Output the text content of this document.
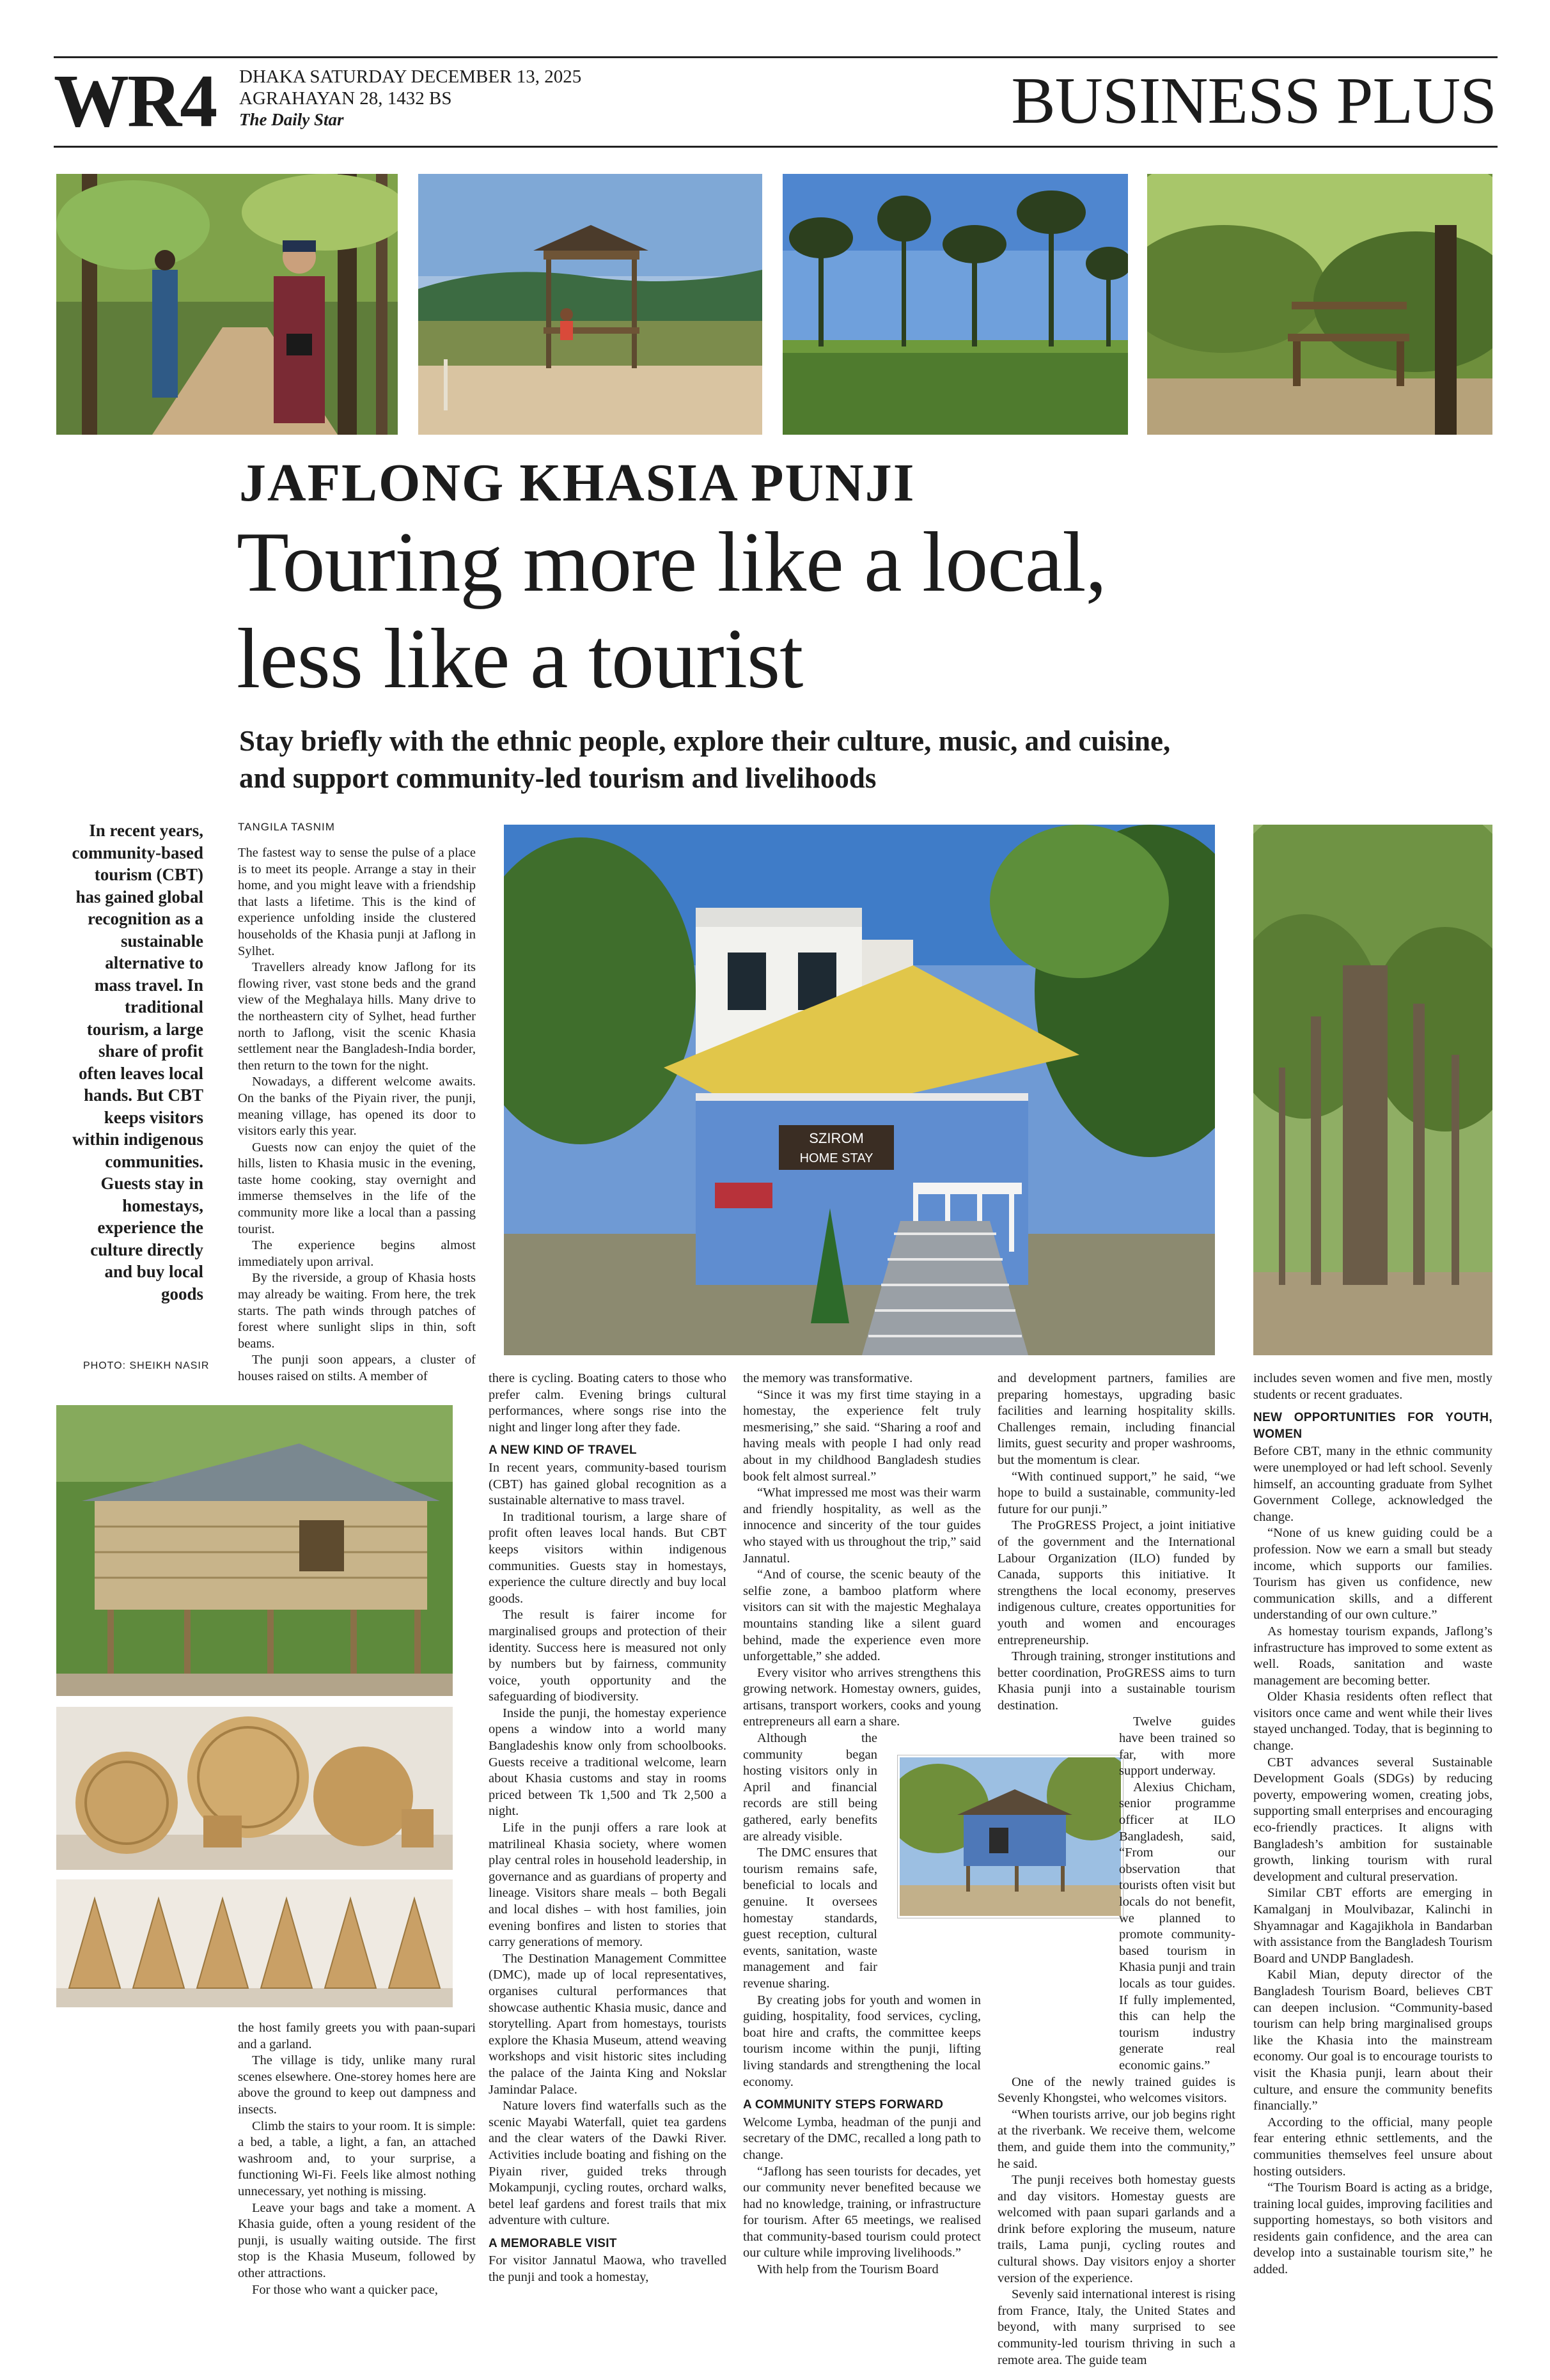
WR4 DHAKA SATURDAY DECEMBER 13, 2025
AGRAHAYAN 28, 1432 BS
The Daily Star	BUSINESS PLUS
JAFLONG KHASIA PUNJI
Touring more like a local,
less like a tourist
Stay briefly with the ethnic people, explore their culture, music, and cuisine,
and support community-led tourism and livelihoods
In recent years, community-based tourism (CBT) has gained global recognition as a sustainable alternative to mass travel. In traditional tourism, a large share of profit often leaves local hands. But CBT keeps visitors within indigenous communities. Guests stay in homestays, experience the culture directly and buy local goods
PHOTO: SHEIKH NASIR
TANGILA TASNIM

The fastest way to sense the pulse of a place is to meet its people. Arrange a stay in their home, and you might leave with a friendship that lasts a lifetime. This is the kind of experience unfolding inside the clustered households of the Khasia punji at Jaflong in Sylhet.

Travellers already know Jaflong for its flowing river, vast stone beds and the grand view of the Meghalaya hills. Many drive to the northeastern city of Sylhet, head further north to Jaflong, visit the scenic Khasia settlement near the Bangladesh-India border, then return to the town for the night.

Nowadays, a different welcome awaits. On the banks of the Piyain river, the punji, meaning village, has opened its door to visitors early this year.

Guests now can enjoy the quiet of the hills, listen to Khasia music in the evening, taste home cooking, stay overnight and immerse themselves in the life of the community more like a local than a passing tourist.

The experience begins almost immediately upon arrival.

By the riverside, a group of Khasia hosts may already be waiting. From here, the trek starts. The path winds through patches of forest where sunlight slips in thin, soft beams.

The punji soon appears, a cluster of houses raised on stilts. A member of

SZIROM
HOME STAY

the host family greets you with paan-supari and a garland.

The village is tidy, unlike many rural scenes elsewhere. One-storey homes here are above the ground to keep out dampness and insects.

Climb the stairs to your room. It is simple: a bed, a table, a light, a fan, an attached washroom and, to your surprise, a functioning Wi-Fi. Feels like almost nothing unnecessary, yet nothing is missing.

Leave your bags and take a moment. A Khasia guide, often a young resident of the punji, is usually waiting outside. The first stop is the Khasia Museum, followed by other attractions.

For those who want a quicker pace,

there is cycling. Boating caters to those who prefer calm. Evening brings cultural performances, where songs rise into the night and linger long after they fade.

A NEW KIND OF TRAVEL

In recent years, community-based tourism (CBT) has gained global recognition as a sustainable alternative to mass travel.

In traditional tourism, a large share of profit often leaves local hands. But CBT keeps visitors within indigenous communities. Guests stay in homestays, experience the culture directly and buy local goods.

The result is fairer income for marginalised groups and protection of their identity. Success here is measured not only by numbers but by fairness, community voice, youth opportunity and the safeguarding of biodiversity.

Inside the punji, the homestay experience opens a window into a world many Bangladeshis know only from schoolbooks. Guests receive a traditional welcome, learn about Khasia customs and stay in rooms priced between Tk 1,500 and Tk 2,500 a night.

Life in the punji offers a rare look at matrilineal Khasia society, where women play central roles in household leadership, in governance and as guardians of property and lineage. Visitors share meals – both Begali and local dishes – with host families, join evening bonfires and listen to stories that carry generations of memory.

The Destination Management Committee (DMC), made up of local representatives, organises cultural performances that showcase authentic Khasia music, dance and storytelling. Apart from homestays, tourists explore the Khasia Museum, attend weaving workshops and visit historic sites including the palace of the Jainta King and Nokslar Jamindar Palace.

Nature lovers find waterfalls such as the scenic Mayabi Waterfall, quiet tea gardens and the clear waters of the Dawki River. Activities include boating and fishing on the Piyain river, guided treks through Mokampunji, cycling routes, orchard walks, betel leaf gardens and forest trails that mix adventure with culture.

A MEMORABLE VISIT

For visitor Jannatul Maowa, who travelled the punji and took a homestay,

the memory was transformative.

“Since it was my first time staying in a homestay, the experience felt truly mesmerising,” she said. “Sharing a roof and having meals with people I had only read about in my childhood Bangladesh studies book felt almost surreal.”

“What impressed me most was their warm and friendly hospitality, as well as the innocence and sincerity of the tour guides who stayed with us throughout the trip,” said Jannatul.

“And of course, the scenic beauty of the selfie zone, a bamboo platform where visitors can sit with the majestic Meghalaya mountains standing like a silent guard behind, made the experience even more unforgettable,” she added.

Every visitor who arrives strengthens this growing network. Homestay owners, guides, artisans, transport workers, cooks and young entrepreneurs all earn a share.

Although the community began hosting visitors only in April and financial records are still being gathered, early benefits are already visible.

The DMC ensures that tourism remains safe, beneficial to locals and genuine. It oversees homestay standards, guest reception, cultural events, sanitation, waste management and fair revenue sharing.

By creating jobs for youth and women in guiding, hospitality, food services, cycling, boat hire and crafts, the committee keeps tourism income within the punji, lifting living standards and strengthening the local economy.

A COMMUNITY STEPS FORWARD

Welcome Lymba, headman of the punji and secretary of the DMC, recalled a long path to change.

“Jaflong has seen tourists for decades, yet our community never benefited because we had no knowledge, training, or infrastructure for tourism. After 65 meetings, we realised that community-based tourism could protect our culture while improving livelihoods.”

With help from the Tourism Board

and development partners, families are preparing homestays, upgrading basic facilities and learning hospitality skills. Challenges remain, including financial limits, guest security and proper washrooms, but the momentum is clear.

“With continued support,” he said, “we hope to build a sustainable, community-led future for our punji.”

The ProGRESS Project, a joint initiative of the government and the International Labour Organization (ILO) funded by Canada, supports this initiative. It strengthens the local economy, preserves indigenous culture, creates opportunities for youth and women and encourages entrepreneurship.

Through training, stronger institutions and better coordination, ProGRESS aims to turn Khasia punji into a sustainable tourism destination.

Twelve guides have been trained so far, with more support underway.

Alexius Chicham, senior programme officer at ILO Bangladesh, said, “From our observation that tourists often visit but locals do not benefit, we planned to promote community-based tourism in Khasia punji and train locals as tour guides. If fully implemented, this can help the tourism industry generate real economic gains.”

One of the newly trained guides is Sevenly Khongstei, who welcomes visitors.

“When tourists arrive, our job begins right at the riverbank. We receive them, welcome them, and guide them into the community,” he said.

The punji receives both homestay guests and day visitors. Homestay guests are welcomed with paan supari garlands and a drink before exploring the museum, nature trails, Lama punji, cycling routes and cultural shows. Day visitors enjoy a shorter version of the experience.

Sevenly said international interest is rising from France, Italy, the United States and beyond, with many surprised to see community-led tourism thriving in such a remote area. The guide team

includes seven women and five men, mostly students or recent graduates.

NEW OPPORTUNITIES FOR YOUTH, WOMEN

Before CBT, many in the ethnic community were unemployed or had left school. Sevenly himself, an accounting graduate from Sylhet Government College, acknowledged the change.

“None of us knew guiding could be a profession. Now we earn a small but steady income, which supports our families. Tourism has given us confidence, new communication skills, and a different understanding of our own culture.”

As homestay tourism expands, Jaflong’s infrastructure has improved to some extent as well. Roads, sanitation and waste management are becoming better.

Older Khasia residents often reflect that visitors once came and went while their lives stayed unchanged. Today, that is beginning to change.

CBT advances several Sustainable Development Goals (SDGs) by reducing poverty, empowering women, creating jobs, supporting small enterprises and encouraging eco-friendly practices. It aligns with Bangladesh’s ambition for sustainable growth, linking tourism with rural development and cultural preservation.

Similar CBT efforts are emerging in Kamalganj in Moulvibazar, Kalinchi in Shyamnagar and Kagajikhola in Bandarban with assistance from the Bangladesh Tourism Board and UNDP Bangladesh.

Kabil Mian, deputy director of the Bangladesh Tourism Board, believes CBT can deepen inclusion. “Community-based tourism can help bring marginalised groups like the Khasia into the mainstream economy. Our goal is to encourage tourists to visit the Khasia punji, learn about their culture, and ensure the community benefits financially.”

According to the official, many people fear entering ethnic settlements, and the communities themselves feel unsure about hosting outsiders.

“The Tourism Board is acting as a bridge, training local guides, improving facilities and supporting homestays, so both visitors and residents gain confidence, and the area can develop into a sustainable tourism site,” he added.
